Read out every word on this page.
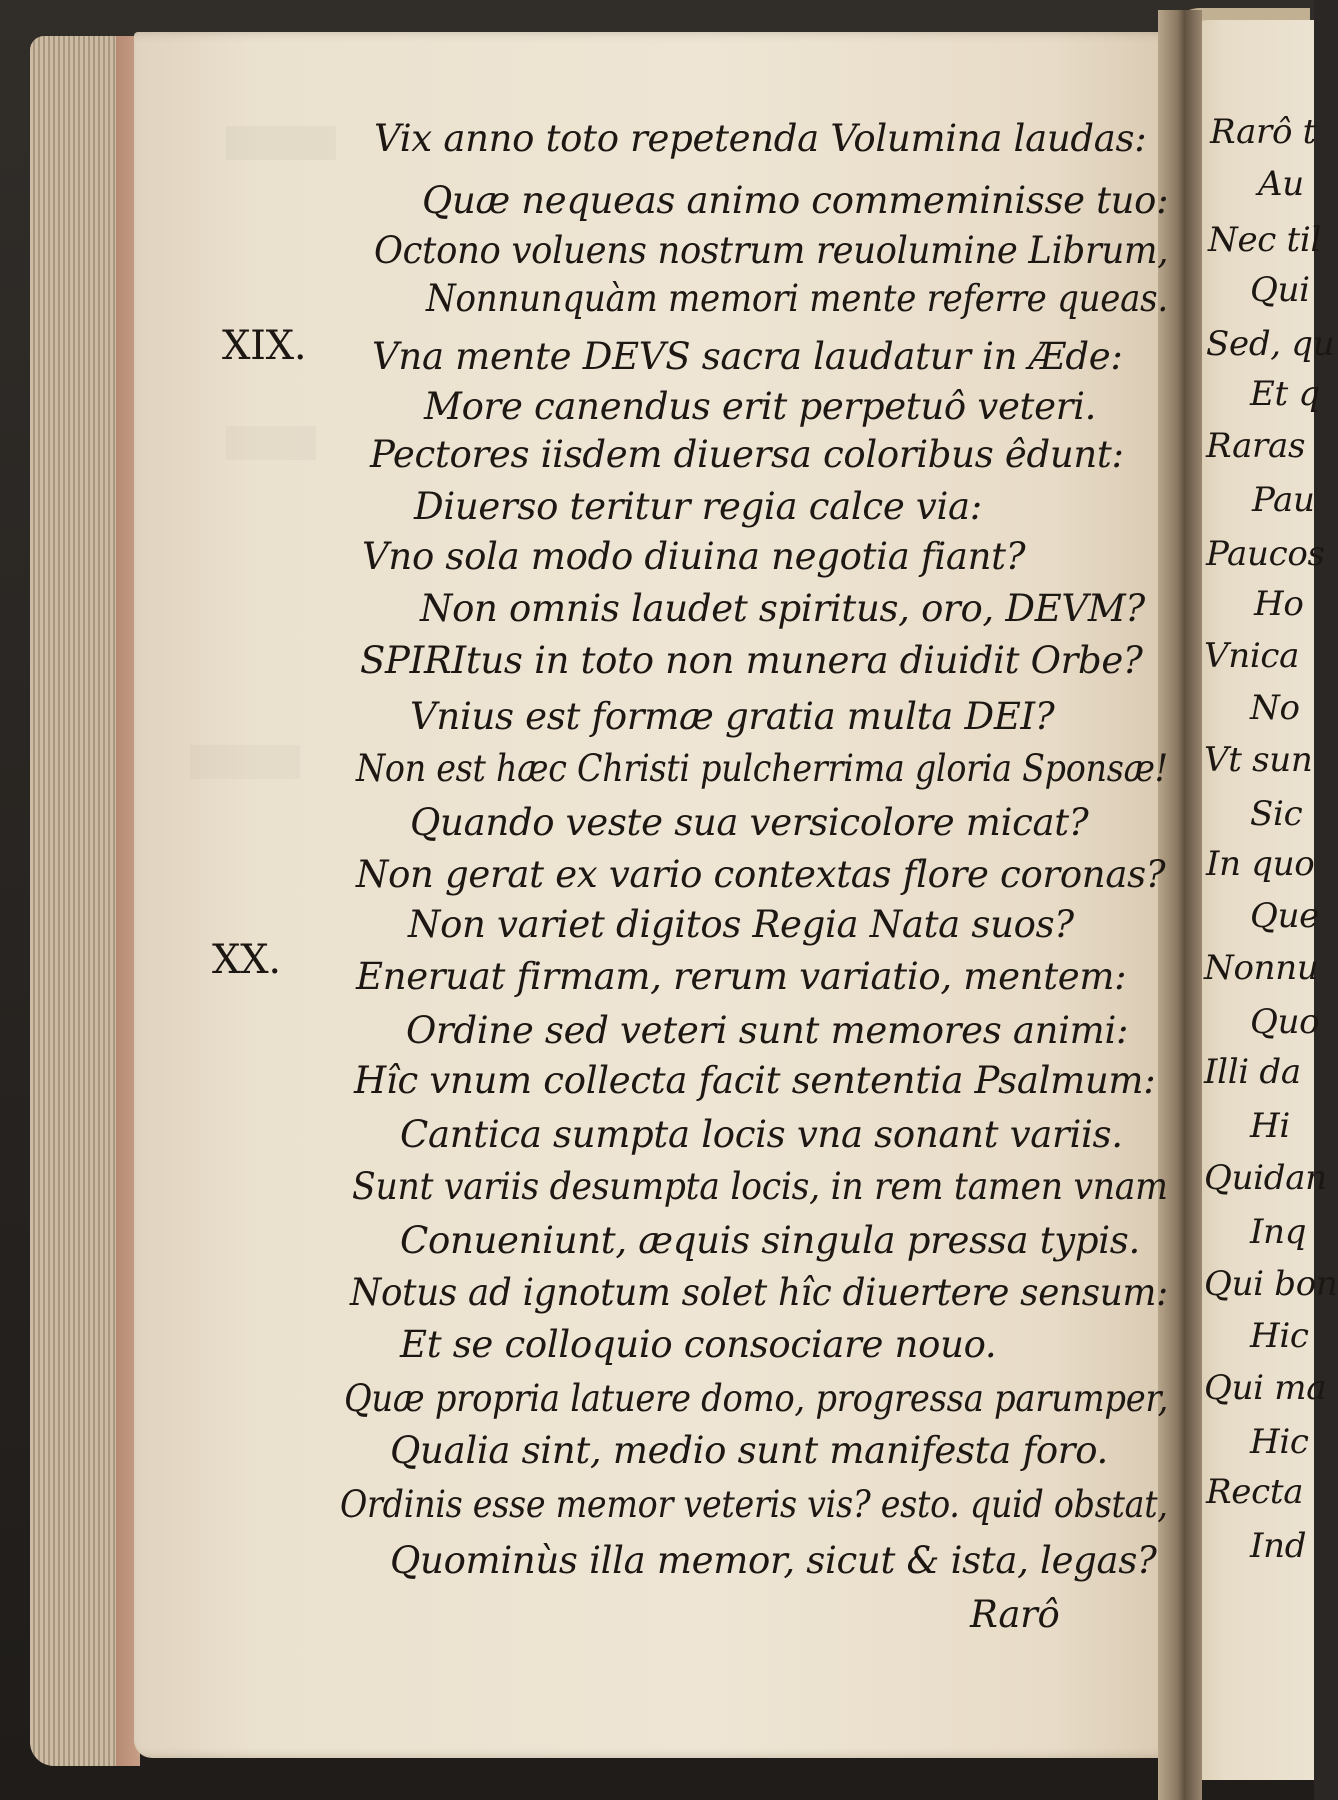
XIX.
XX.
Vix anno toto repetenda Volumina laudas:
Quæ nequeas animo commeminisse tuo:
Octono voluens nostrum reuolumine Librum,
Nonnunquàm memori mente referre queas.
Vna mente DEVS sacra laudatur in Æde:
More canendus erit perpetuô veteri.
Pectores iisdem diuersa coloribus êdunt:
Diuerso teritur regia calce via:
Vno sola modo diuina negotia fiant?
Non omnis laudet spiritus, oro, DEVM?
SPIRItus in toto non munera diuidit Orbe?
Vnius est formæ gratia multa DEI?
Non est hæc Christi pulcherrima gloria Sponsæ!
Quando veste sua versicolore micat?
Non gerat ex vario contextas flore coronas?
Non variet digitos Regia Nata suos?
Eneruat firmam, rerum variatio, mentem:
Ordine sed veteri sunt memores animi:
Hîc vnum collecta facit sententia Psalmum:
Cantica sumpta locis vna sonant variis.
Sunt variis desumpta locis, in rem tamen vnam
Conueniunt, æquis singula pressa typis.
Notus ad ignotum solet hîc diuertere sensum:
Et se colloquio consociare nouo.
Quæ propria latuere domo, progressa parumper,
Qualia sint, medio sunt manifesta foro.
Ordinis esse memor veteris vis? esto. quid obstat,
Quominùs illa memor, sicut & ista, legas?
Rarô
Rarô t
Au
Nec til
Qui
Sed, qu
Et q
Raras
Pau
Paucos
Ho
Vnica
No
Vt sun
Sic
In quo
Que
Nonnu
Quo
Illi da
Hi
Quidan
Inq
Qui bon
Hic
Qui ma
Hic
Recta
Ind
